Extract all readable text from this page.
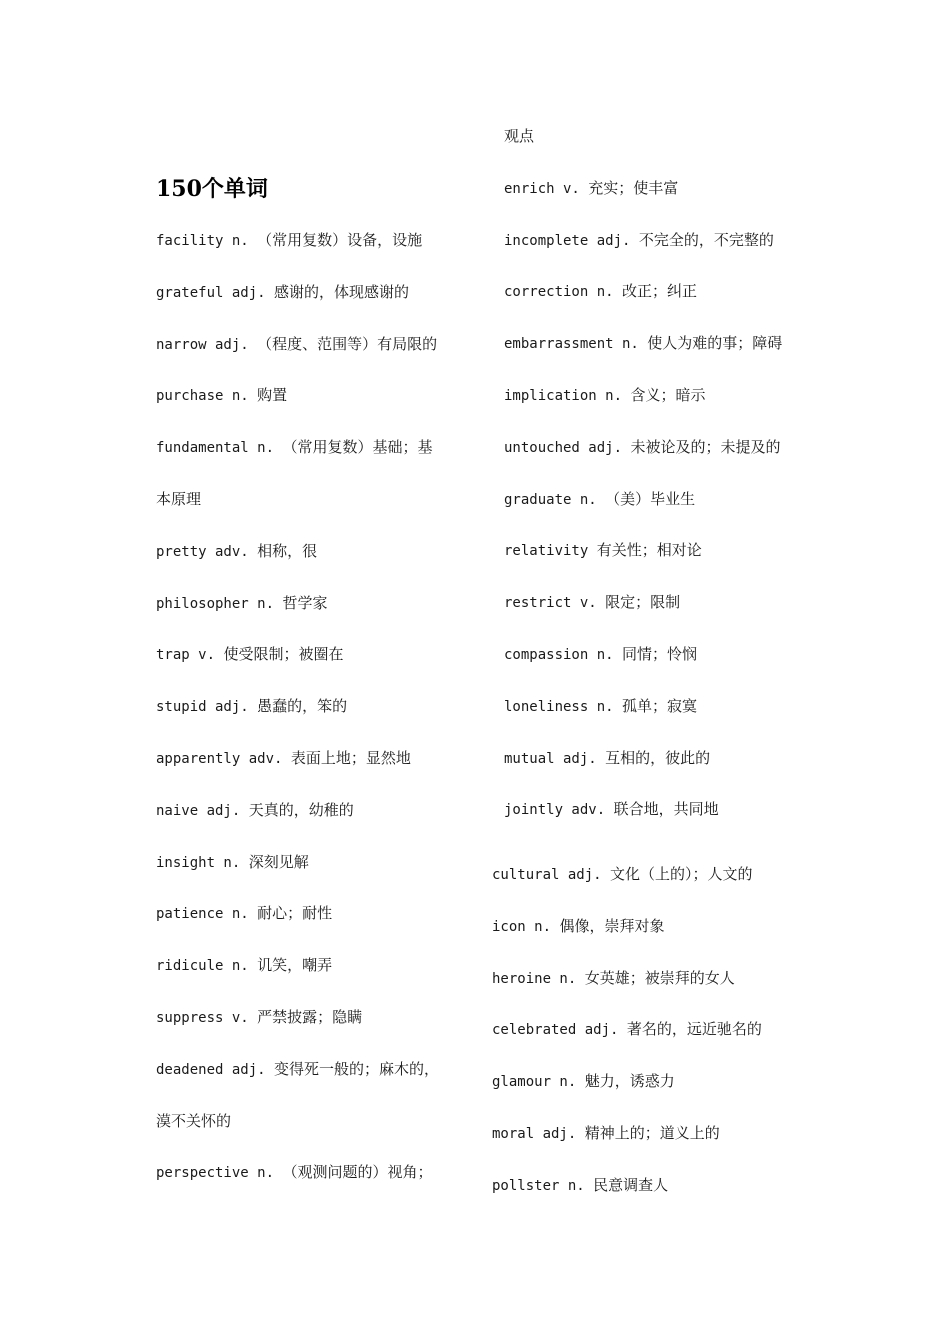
150个单词
facility n. （常用复数）设备，设施
grateful adj. 感谢的，体现感谢的
narrow adj. （程度、范围等）有局限的
purchase n. 购置
fundamental n. （常用复数）基础；基
本原理
pretty adv. 相称，很
philosopher n. 哲学家
trap v. 使受限制；被圈在
stupid adj. 愚蠢的，笨的
apparently adv. 表面上地；显然地
naive adj. 天真的，幼稚的
insight n. 深刻见解
patience n. 耐心；耐性
ridicule n. 讥笑，嘲弄
suppress v. 严禁披露；隐瞒
deadened adj. 变得死一般的；麻木的，
漠不关怀的
perspective n. （观测问题的）视角；
观点
enrich v. 充实；使丰富
incomplete adj. 不完全的，不完整的
correction n. 改正；纠正
embarrassment n. 使人为难的事；障碍
implication n. 含义；暗示
untouched adj. 未被论及的；未提及的
graduate n. （美）毕业生
relativity 有关性；相对论
restrict v. 限定；限制
compassion n. 同情；怜悯
loneliness n. 孤单；寂寞
mutual adj. 互相的，彼此的
jointly adv. 联合地，共同地
cultural adj. 文化（上的）；人文的
icon n. 偶像，崇拜对象
heroine n. 女英雄；被崇拜的女人
celebrated adj. 著名的，远近驰名的
glamour n. 魅力，诱惑力
moral adj. 精神上的；道义上的
pollster n. 民意调查人
